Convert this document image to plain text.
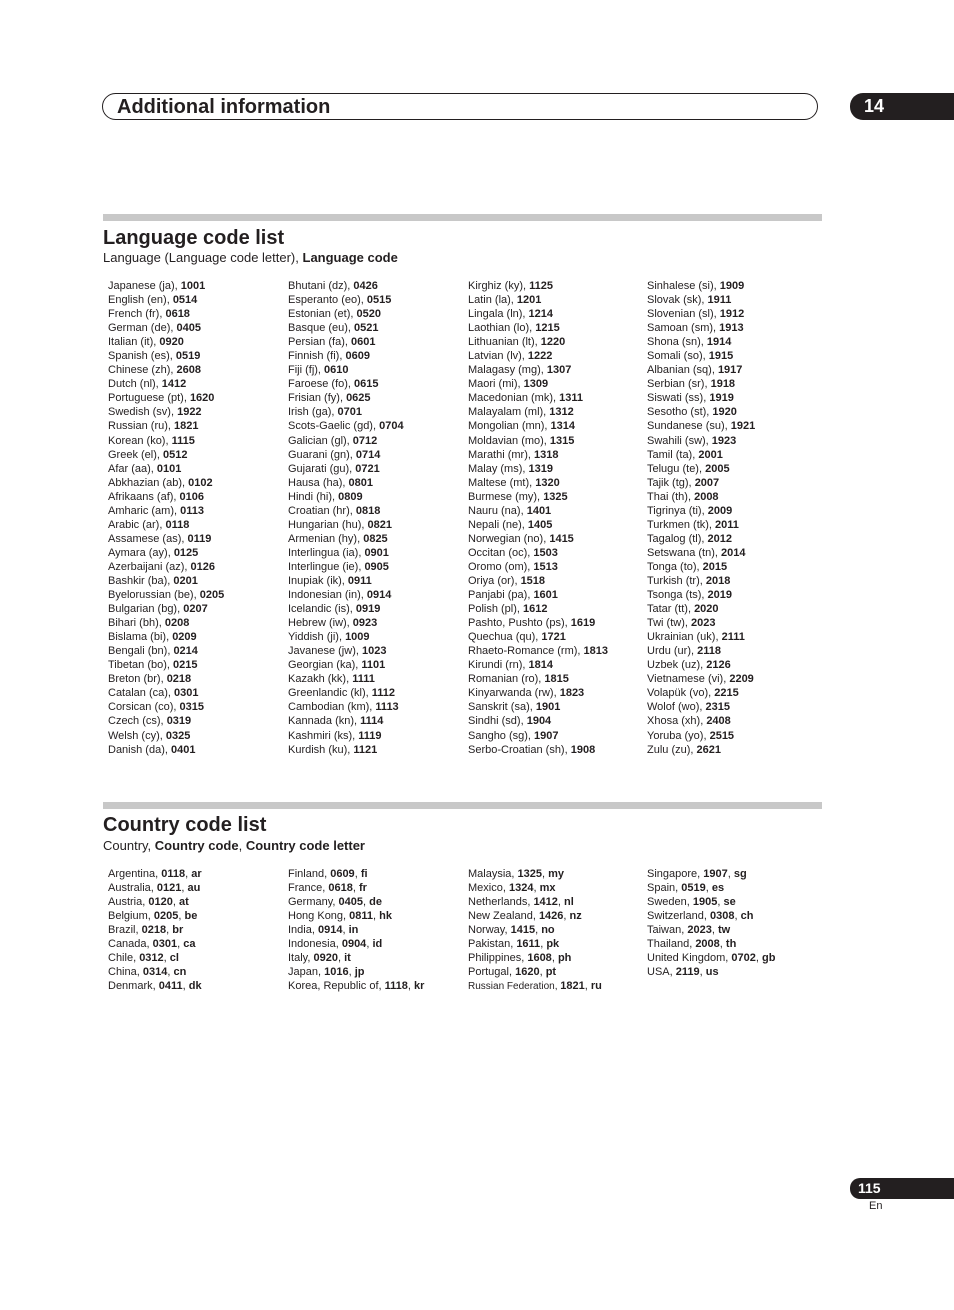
Additional information	14
Language code list
Language (Language code letter), Language code
Japanese (ja), 1001
English (en), 0514
French (fr), 0618
German (de), 0405
Italian (it), 0920
Spanish (es), 0519
Chinese (zh), 2608
Dutch (nl), 1412
Portuguese (pt), 1620
Swedish (sv), 1922
Russian (ru), 1821
Korean (ko), 1115
Greek (el), 0512
Afar (aa), 0101
Abkhazian (ab), 0102
Afrikaans (af), 0106
Amharic (am), 0113
Arabic (ar), 0118
Assamese (as), 0119
Aymara (ay), 0125
Azerbaijani (az), 0126
Bashkir (ba), 0201
Byelorussian (be), 0205
Bulgarian (bg), 0207
Bihari (bh), 0208
Bislama (bi), 0209
Bengali (bn), 0214
Tibetan (bo), 0215
Breton (br), 0218
Catalan (ca), 0301
Corsican (co), 0315
Czech (cs), 0319
Welsh (cy), 0325
Danish (da), 0401
Bhutani (dz), 0426
Esperanto (eo), 0515
Estonian (et), 0520
Basque (eu), 0521
Persian (fa), 0601
Finnish (fi), 0609
Fiji (fj), 0610
Faroese (fo), 0615
Frisian (fy), 0625
Irish (ga), 0701
Scots-Gaelic (gd), 0704
Galician (gl), 0712
Guarani (gn), 0714
Gujarati (gu), 0721
Hausa (ha), 0801
Hindi (hi), 0809
Croatian (hr), 0818
Hungarian (hu), 0821
Armenian (hy), 0825
Interlingua (ia), 0901
Interlingue (ie), 0905
Inupiak (ik), 0911
Indonesian (in), 0914
Icelandic (is), 0919
Hebrew (iw), 0923
Yiddish (ji), 1009
Javanese (jw), 1023
Georgian (ka), 1101
Kazakh (kk), 1111
Greenlandic (kl), 1112
Cambodian (km), 1113
Kannada (kn), 1114
Kashmiri (ks), 1119
Kurdish (ku), 1121
Kirghiz (ky), 1125
Latin (la), 1201
Lingala (ln), 1214
Laothian (lo), 1215
Lithuanian (lt), 1220
Latvian (lv), 1222
Malagasy (mg), 1307
Maori (mi), 1309
Macedonian (mk), 1311
Malayalam (ml), 1312
Mongolian (mn), 1314
Moldavian (mo), 1315
Marathi (mr), 1318
Malay (ms), 1319
Maltese (mt), 1320
Burmese (my), 1325
Nauru (na), 1401
Nepali (ne), 1405
Norwegian (no), 1415
Occitan (oc), 1503
Oromo (om), 1513
Oriya (or), 1518
Panjabi (pa), 1601
Polish (pl), 1612
Pashto, Pushto (ps), 1619
Quechua (qu), 1721
Rhaeto-Romance (rm), 1813
Kirundi (rn), 1814
Romanian (ro), 1815
Kinyarwanda (rw), 1823
Sanskrit (sa), 1901
Sindhi (sd), 1904
Sangho (sg), 1907
Serbo-Croatian (sh), 1908
Sinhalese (si), 1909
Slovak (sk), 1911
Slovenian (sl), 1912
Samoan (sm), 1913
Shona (sn), 1914
Somali (so), 1915
Albanian (sq), 1917
Serbian (sr), 1918
Siswati (ss), 1919
Sesotho (st), 1920
Sundanese (su), 1921
Swahili (sw), 1923
Tamil (ta), 2001
Telugu (te), 2005
Tajik (tg), 2007
Thai (th), 2008
Tigrinya (ti), 2009
Turkmen (tk), 2011
Tagalog (tl), 2012
Setswana (tn), 2014
Tonga (to), 2015
Turkish (tr), 2018
Tsonga (ts), 2019
Tatar (tt), 2020
Twi (tw), 2023
Ukrainian (uk), 2111
Urdu (ur), 2118
Uzbek (uz), 2126
Vietnamese (vi), 2209
Volapük (vo), 2215
Wolof (wo), 2315
Xhosa (xh), 2408
Yoruba (yo), 2515
Zulu (zu), 2621
Country code list
Country, Country code, Country code letter
Argentina, 0118, ar
Australia, 0121, au
Austria, 0120, at
Belgium, 0205, be
Brazil, 0218, br
Canada, 0301, ca
Chile, 0312, cl
China, 0314, cn
Denmark, 0411, dk
Finland, 0609, fi
France, 0618, fr
Germany, 0405, de
Hong Kong, 0811, hk
India, 0914, in
Indonesia, 0904, id
Italy, 0920, it
Japan, 1016, jp
Korea, Republic of, 1118, kr
Malaysia, 1325, my
Mexico, 1324, mx
Netherlands, 1412, nl
New Zealand, 1426, nz
Norway, 1415, no
Pakistan, 1611, pk
Philippines, 1608, ph
Portugal, 1620, pt
Russian Federation, 1821, ru
Singapore, 1907, sg
Spain, 0519, es
Sweden, 1905, se
Switzerland, 0308, ch
Taiwan, 2023, tw
Thailand, 2008, th
United Kingdom, 0702, gb
USA, 2119, us
115
En
